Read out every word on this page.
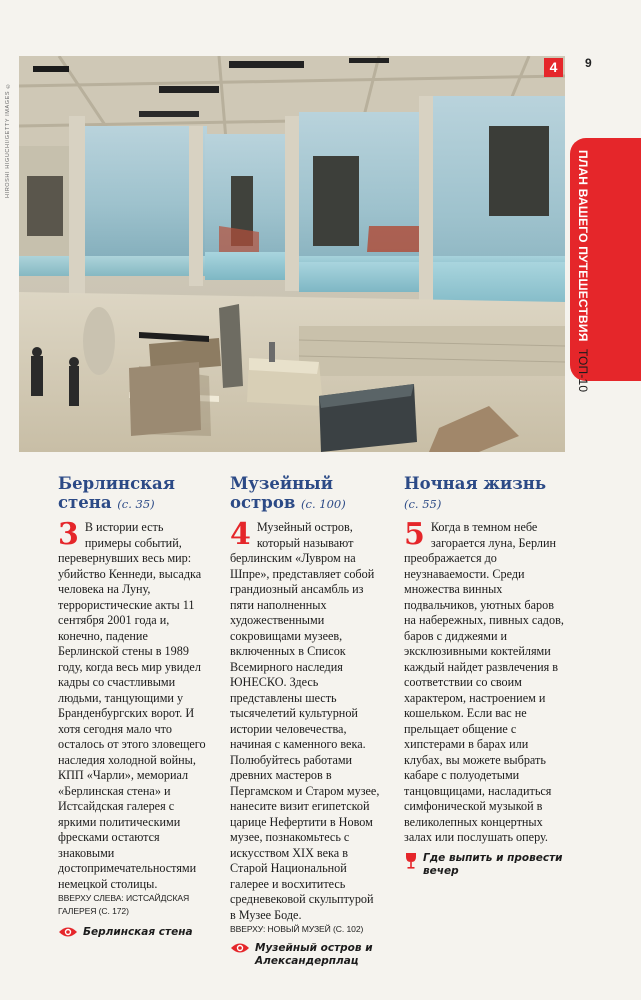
HIROSHI HIGUCHI/GETTY IMAGES ©
9
ПЛАН ВАШЕГО ПУТЕШЕСТВИЯ ТОП-10
4
Берлинская стена (с. 35)
3 В истории есть примеры событий, перевернувших весь мир: убийство Кеннеди, высадка человека на Луну, террористические акты 11 сентября 2001 года и, конечно, падение Берлинской стены в 1989 году, когда весь мир увидел кадры со счастливыми людьми, танцующими у Бранденбургских ворот. И хотя сегодня мало что осталось от этого зловещего наследия холодной войны, КПП «Чарли», мемориал «Берлинская стена» и Истсайдская галерея с яркими политическими фресками остаются знаковыми достопримечательностями немецкой столицы.
ВВЕРХУ СЛЕВА: ИСТСАЙДСКАЯ ГАЛЕРЕЯ (С. 172)
Берлинская стена
Музейный остров (с. 100)
4 Музейный остров, который называют берлинским «Лувром на Шпре», представляет собой грандиозный ансамбль из пяти наполненных художественными сокровищами музеев, включенных в Список Всемирного наследия ЮНЕСКО. Здесь представлены шесть тысячелетий культурной истории человечества, начиная с каменного века. Полюбуйтесь работами древних мастеров в Пергамском и Старом музее, нанесите визит египетской царице Нефертити в Новом музее, познакомьтесь с искусством XIX века в Старой Национальной галерее и восхититесь средневековой скульптурой в Музее Боде.
ВВЕРХУ: НОВЫЙ МУЗЕЙ (С. 102)
Музейный остров и Александерплац
Ночная жизнь
(с. 55)
5 Когда в темном небе загорается луна, Берлин преображается до неузнаваемости. Среди множества винных подвальчиков, уютных баров на набережных, пивных садов, баров с диджеями и эксклюзивными коктейлями каждый найдет развлечения в соответствии со своим характером, настроением и кошельком. Если вас не прельщает общение с хипстерами в барах или клубах, вы можете выбрать кабаре с полуодетыми танцовщицами, насладиться симфонической музыкой в великолепных концертных залах или послушать оперу.
Где выпить и провести вечер
